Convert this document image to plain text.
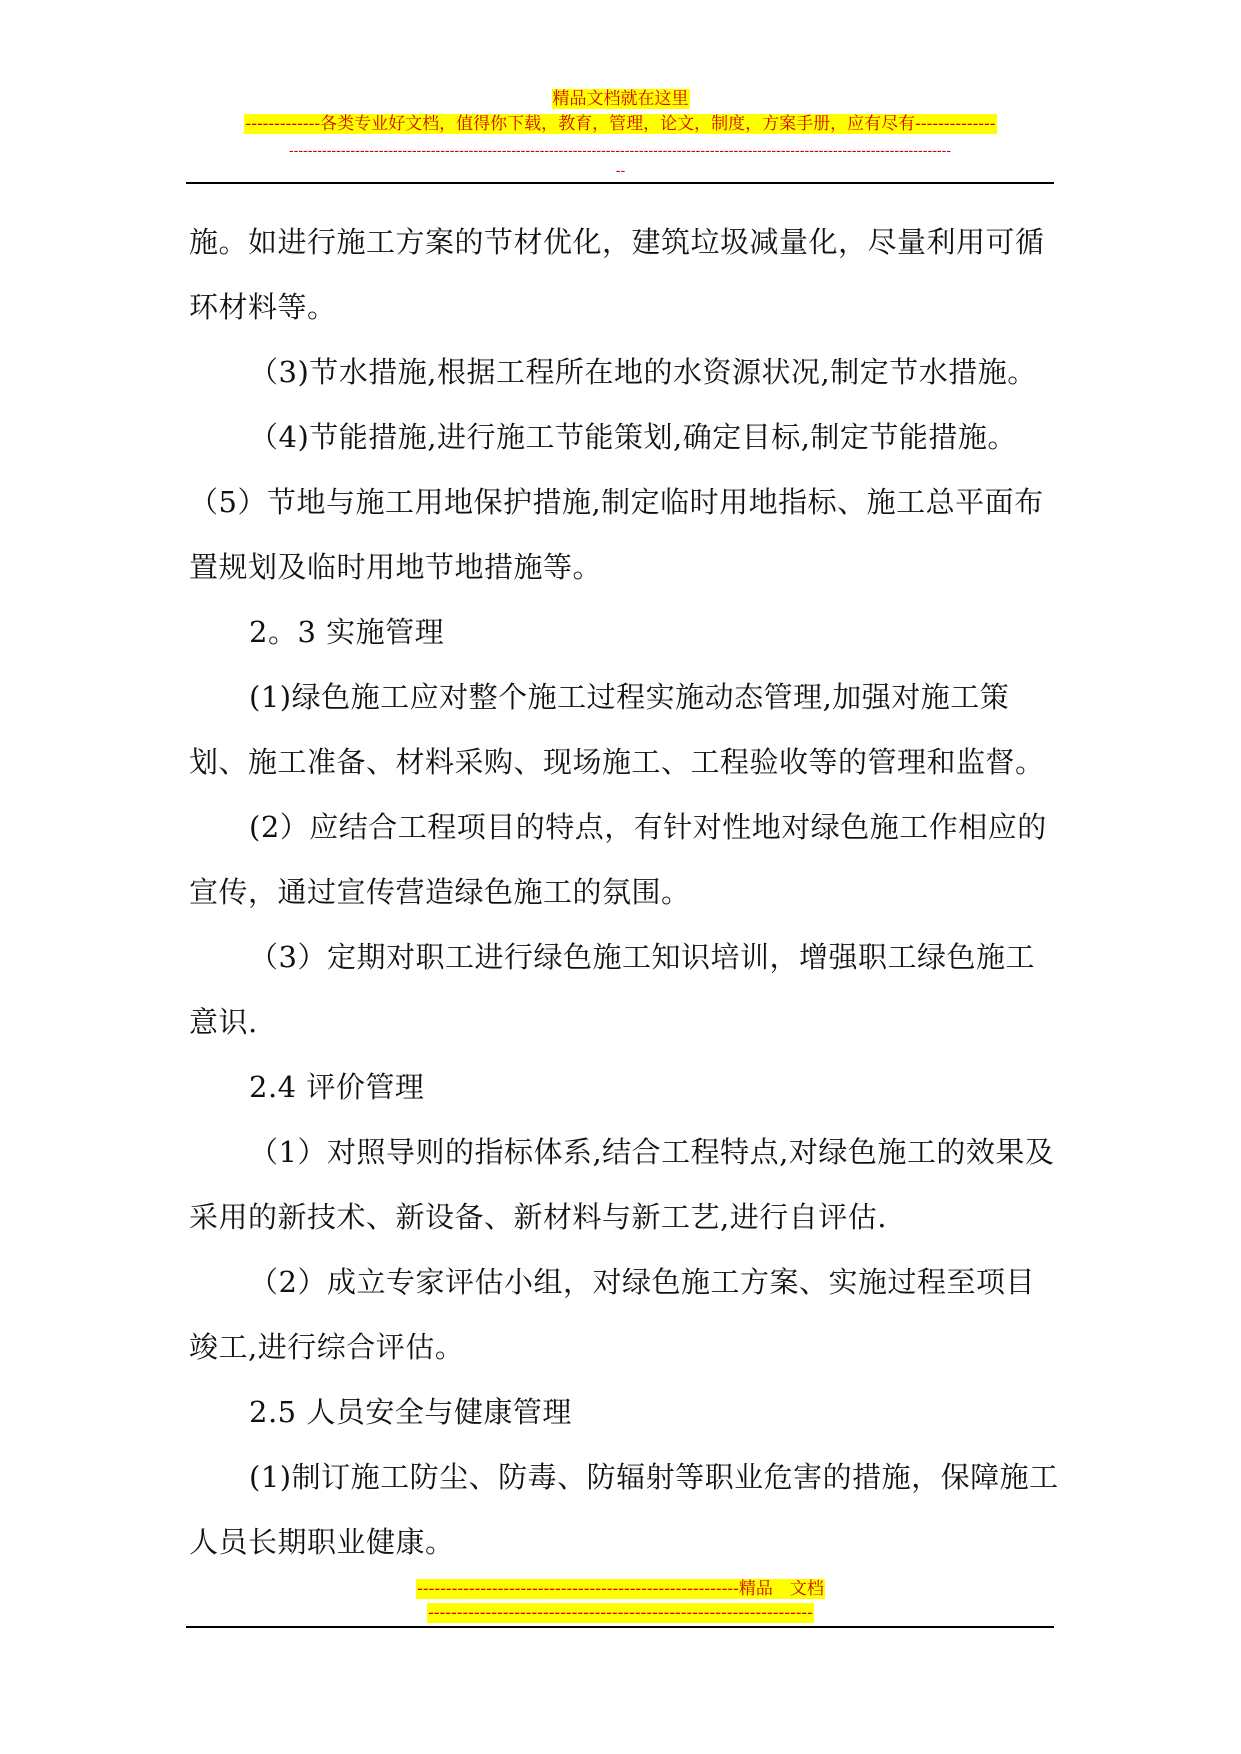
精品文档就在这里
-------------各类专业好文档，值得你下载，教育，管理，论文，制度，方案手册，应有尽有--------------
--------------------------------------------------------------------------------------------------------------------------------------------
--

施。如进行施工方案的节材优化，建筑垃圾减量化，尽量利用可循环材料等。

（3)节水措施,根据工程所在地的水资源状况,制定节水措施。

（4)节能措施,进行施工节能策划,确定目标,制定节能措施。

（5）节地与施工用地保护措施,制定临时用地指标、施工总平面布置规划及临时用地节地措施等。

2。3 实施管理

(1)绿色施工应对整个施工过程实施动态管理,加强对施工策划、施工准备、材料采购、现场施工、工程验收等的管理和监督。

(2）应结合工程项目的特点，有针对性地对绿色施工作相应的宣传，通过宣传营造绿色施工的氛围。

（3）定期对职工进行绿色施工知识培训，增强职工绿色施工意识.

2.4 评价管理

（1）对照导则的指标体系,结合工程特点,对绿色施工的效果及采用的新技术、新设备、新材料与新工艺,进行自评估.

（2）成立专家评估小组，对绿色施工方案、实施过程至项目竣工,进行综合评估。

2.5 人员安全与健康管理

(1)制订施工防尘、防毒、防辐射等职业危害的措施，保障施工人员长期职业健康。

--------------------------------------------------------精品　文档
-------------------------------------------------------------------
